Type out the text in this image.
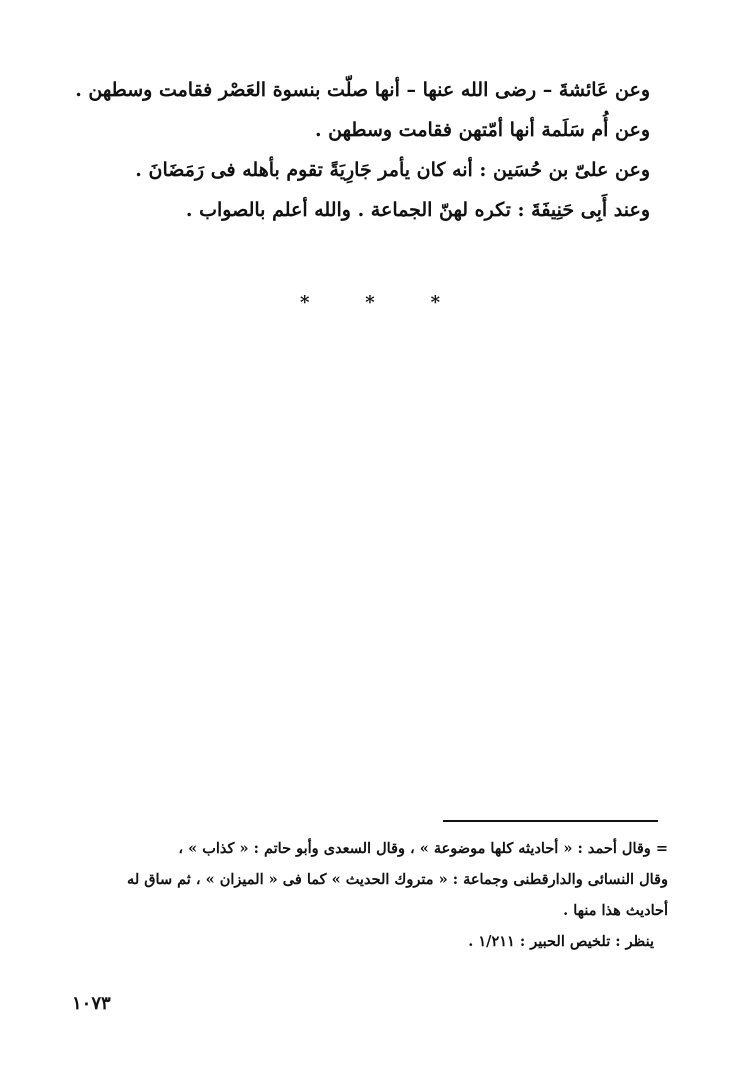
وعن عَائشةَ – رضى الله عنها – أنها صلّت بنسوة العَصْر فقامت وسطهن .
وعن أُم سَلَمة أنها أمّتهن فقامت وسطهن .
وعن علىّ بن حُسَين : أنه كان يأمر جَارِيَةً تقوم بأهله فى رَمَضَانَ .
وعند أَبِى حَنِيفَةَ : تكره لهنّ الجماعة . والله أعلم بالصواب .
*	*	*
= وقال أحمد : « أحاديثه كلها موضوعة » ، وقال السعدى وأبو حاتم : « كذاب » ،
وقال النسائى والدارقطنى وجماعة : « متروك الحديث » كما فى « الميزان » ، ثم ساق له
أحاديث هذا منها .
ينظر : تلخيص الحبير : ١/٢١١ .
١٠٧٣
